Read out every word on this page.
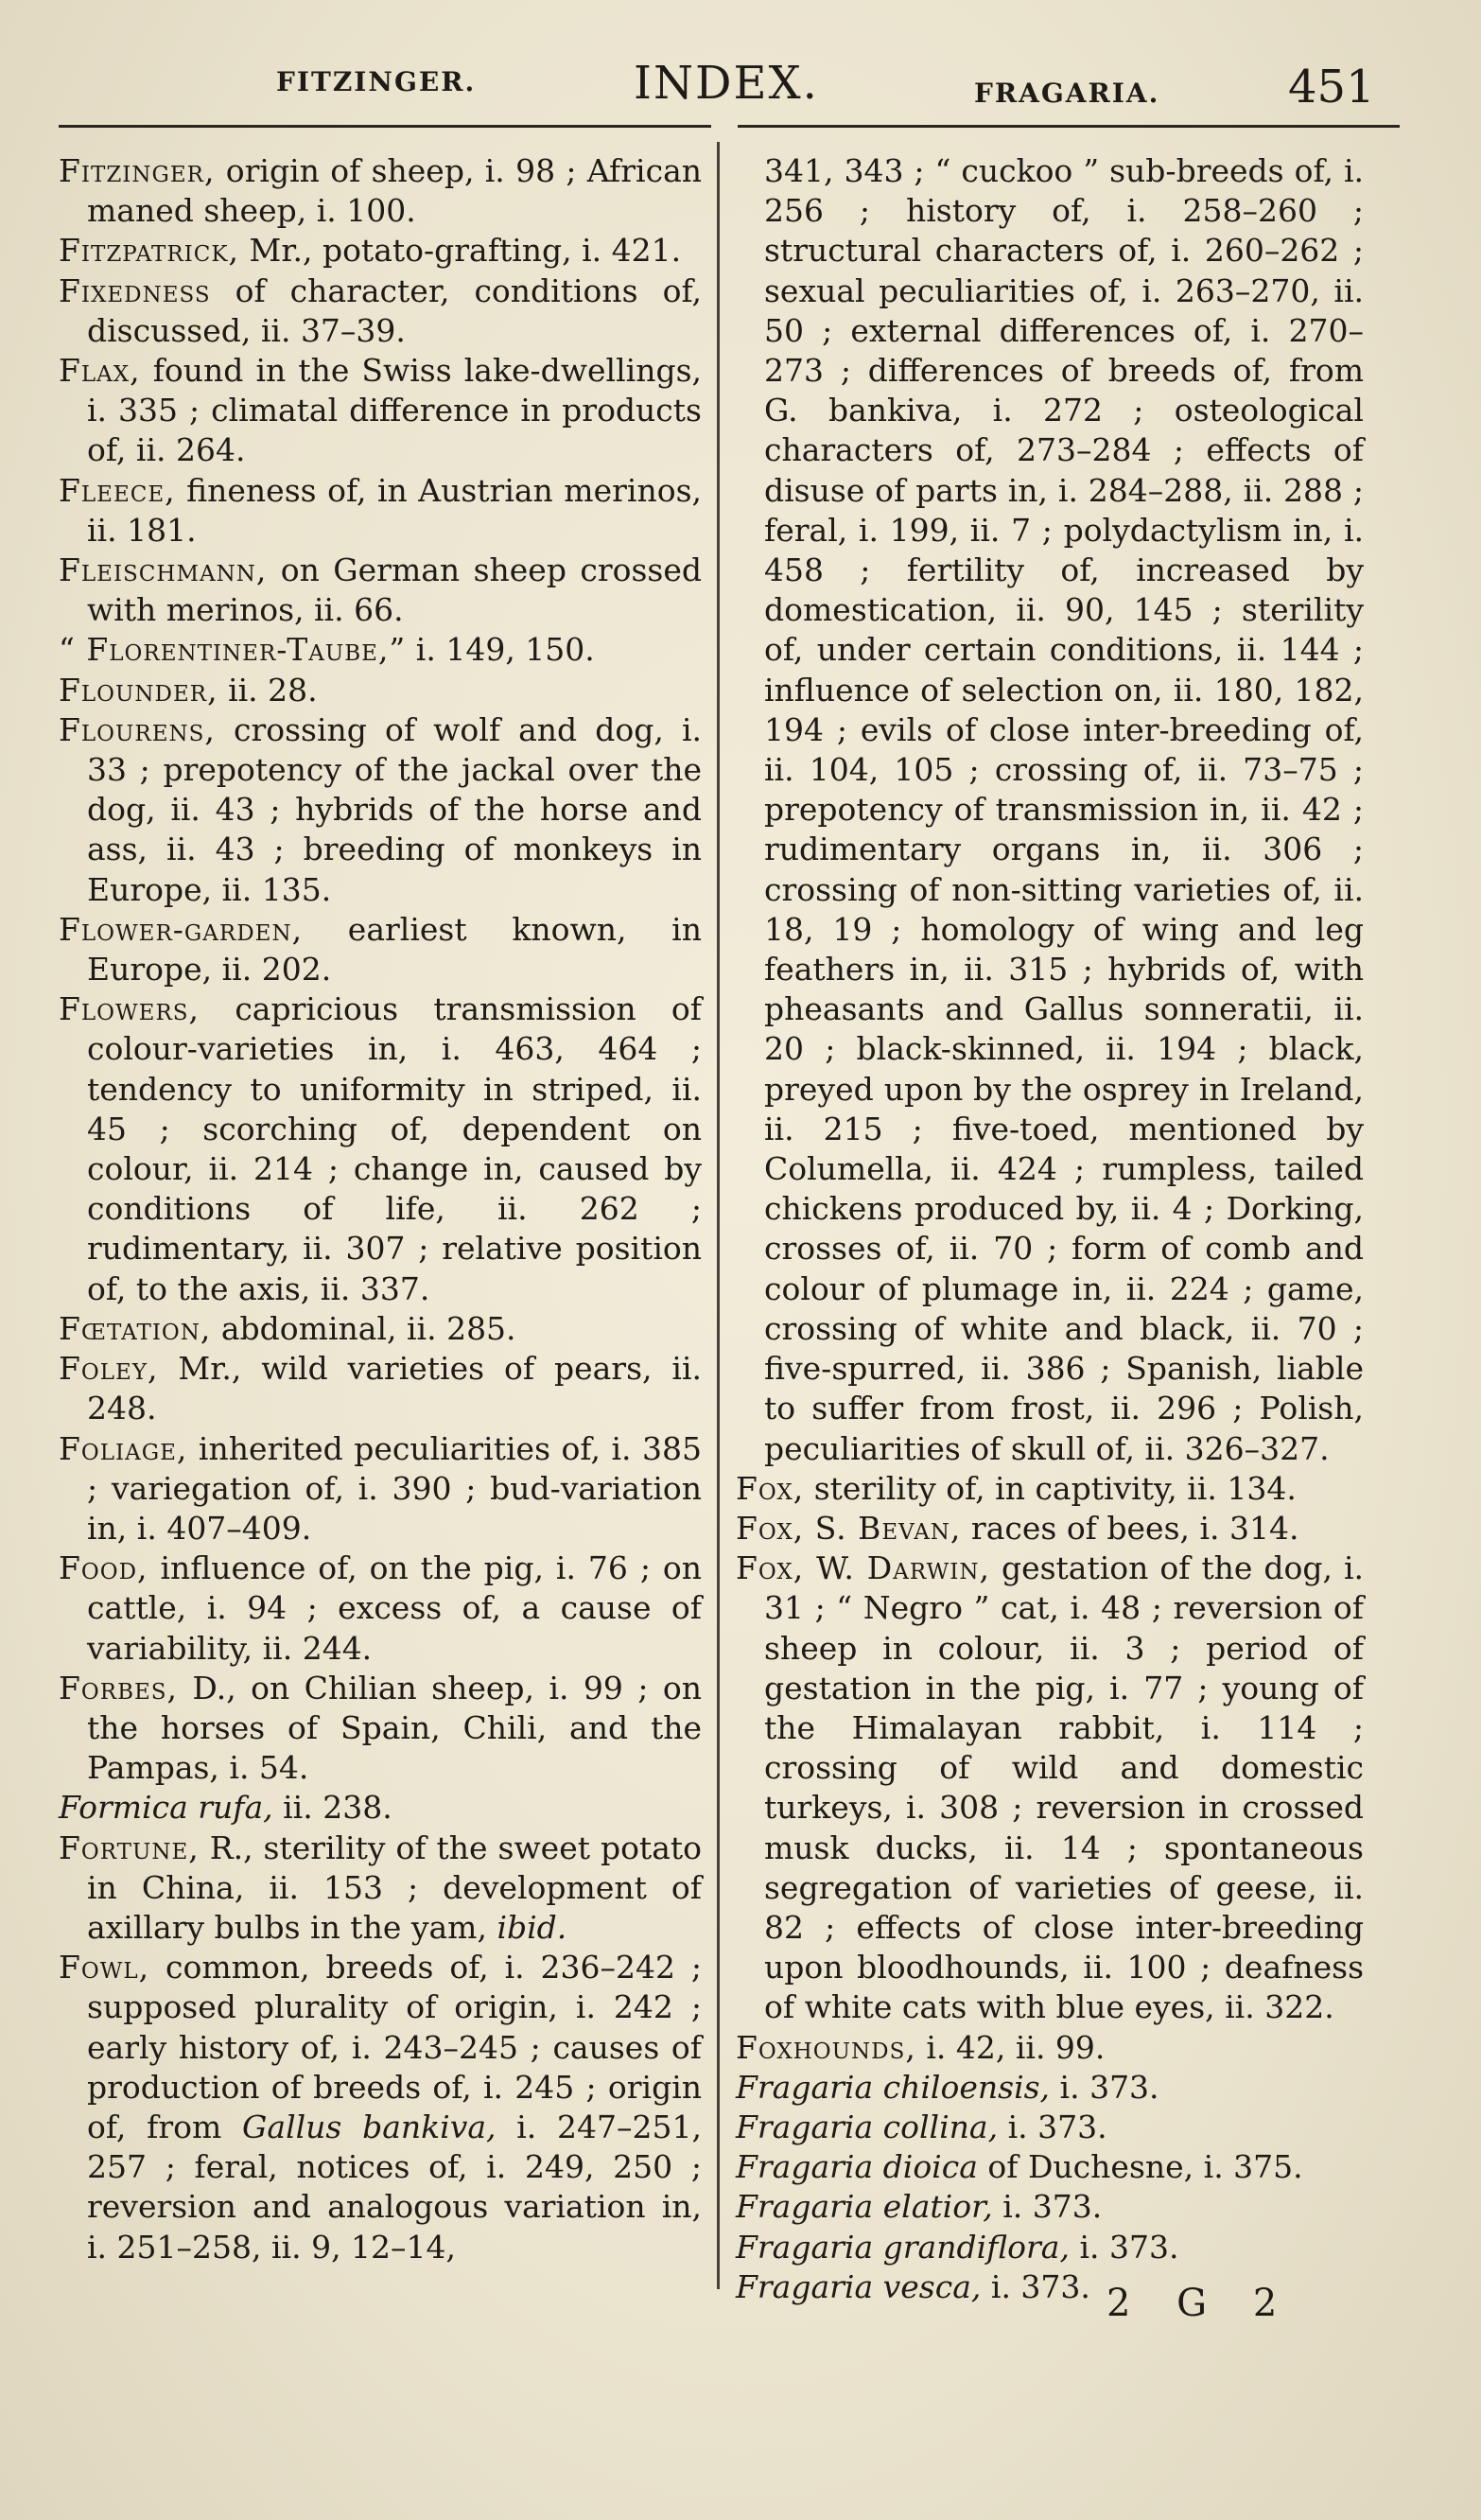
FITZINGER.	INDEX.	FRAGARIA.	451
Fitzinger, origin of sheep, i. 98 ; African maned sheep, i. 100.
Fitzpatrick, Mr., potato-grafting, i. 421.
Fixedness of character, conditions of, discussed, ii. 37–39.
Flax, found in the Swiss lake-dwellings, i. 335 ; climatal difference in products of, ii. 264.
Fleece, fineness of, in Austrian merinos, ii. 181.
Fleischmann, on German sheep crossed with merinos, ii. 66.
“ Florentiner-Taube,” i. 149, 150.
Flounder, ii. 28.
Flourens, crossing of wolf and dog, i. 33 ; prepotency of the jackal over the dog, ii. 43 ; hybrids of the horse and ass, ii. 43 ; breeding of monkeys in Europe, ii. 135.
Flower-garden, earliest known, in Europe, ii. 202.
Flowers, capricious transmission of colour-varieties in, i. 463, 464 ; tendency to uniformity in striped, ii. 45 ; scorching of, dependent on colour, ii. 214 ; change in, caused by conditions of life, ii. 262 ; rudimentary, ii. 307 ; relative position of, to the axis, ii. 337.
Fœtation, abdominal, ii. 285.
Foley, Mr., wild varieties of pears, ii. 248.
Foliage, inherited peculiarities of, i. 385 ; variegation of, i. 390 ; bud-variation in, i. 407–409.
Food, influence of, on the pig, i. 76 ; on cattle, i. 94 ; excess of, a cause of variability, ii. 244.
Forbes, D., on Chilian sheep, i. 99 ; on the horses of Spain, Chili, and the Pampas, i. 54.
Formica rufa, ii. 238.
Fortune, R., sterility of the sweet potato in China, ii. 153 ; development of axillary bulbs in the yam, ibid.
Fowl, common, breeds of, i. 236–242 ; supposed plurality of origin, i. 242 ; early history of, i. 243–245 ; causes of production of breeds of, i. 245 ; origin of, from Gallus bankiva, i. 247–251, 257 ; feral, notices of, i. 249, 250 ; reversion and analogous variation in, i. 251–258, ii. 9, 12–14,
341, 343 ; “ cuckoo ” sub-breeds of, i. 256 ; history of, i. 258–260 ; structural characters of, i. 260–262 ; sexual peculiarities of, i. 263–270, ii. 50 ; external differences of, i. 270–273 ; differences of breeds of, from G. bankiva, i. 272 ; osteological characters of, 273–284 ; effects of disuse of parts in, i. 284–288, ii. 288 ; feral, i. 199, ii. 7 ; polydactylism in, i. 458 ; fertility of, increased by domestication, ii. 90, 145 ; sterility of, under certain conditions, ii. 144 ; influence of selection on, ii. 180, 182, 194 ; evils of close inter-breeding of, ii. 104, 105 ; crossing of, ii. 73–75 ; prepotency of transmission in, ii. 42 ; rudimentary organs in, ii. 306 ; crossing of non-sitting varieties of, ii. 18, 19 ; homology of wing and leg feathers in, ii. 315 ; hybrids of, with pheasants and Gallus sonneratii, ii. 20 ; black-skinned, ii. 194 ; black, preyed upon by the osprey in Ireland, ii. 215 ; five-toed, mentioned by Columella, ii. 424 ; rumpless, tailed chickens produced by, ii. 4 ; Dorking, crosses of, ii. 70 ; form of comb and colour of plumage in, ii. 224 ; game, crossing of white and black, ii. 70 ; five-spurred, ii. 386 ; Spanish, liable to suffer from frost, ii. 296 ; Polish, peculiarities of skull of, ii. 326–327.
Fox, sterility of, in captivity, ii. 134.
Fox, S. Bevan, races of bees, i. 314.
Fox, W. Darwin, gestation of the dog, i. 31 ; “ Negro ” cat, i. 48 ; reversion of sheep in colour, ii. 3 ; period of gestation in the pig, i. 77 ; young of the Himalayan rabbit, i. 114 ; crossing of wild and domestic turkeys, i. 308 ; reversion in crossed musk ducks, ii. 14 ; spontaneous segregation of varieties of geese, ii. 82 ; effects of close inter-breeding upon bloodhounds, ii. 100 ; deafness of white cats with blue eyes, ii. 322.
Foxhounds, i. 42, ii. 99.
Fragaria chiloensis, i. 373.
Fragaria collina, i. 373.
Fragaria dioica of Duchesne, i. 375.
Fragaria elatior, i. 373.
Fragaria grandiflora, i. 373.
Fragaria vesca, i. 373. 2 G 2
